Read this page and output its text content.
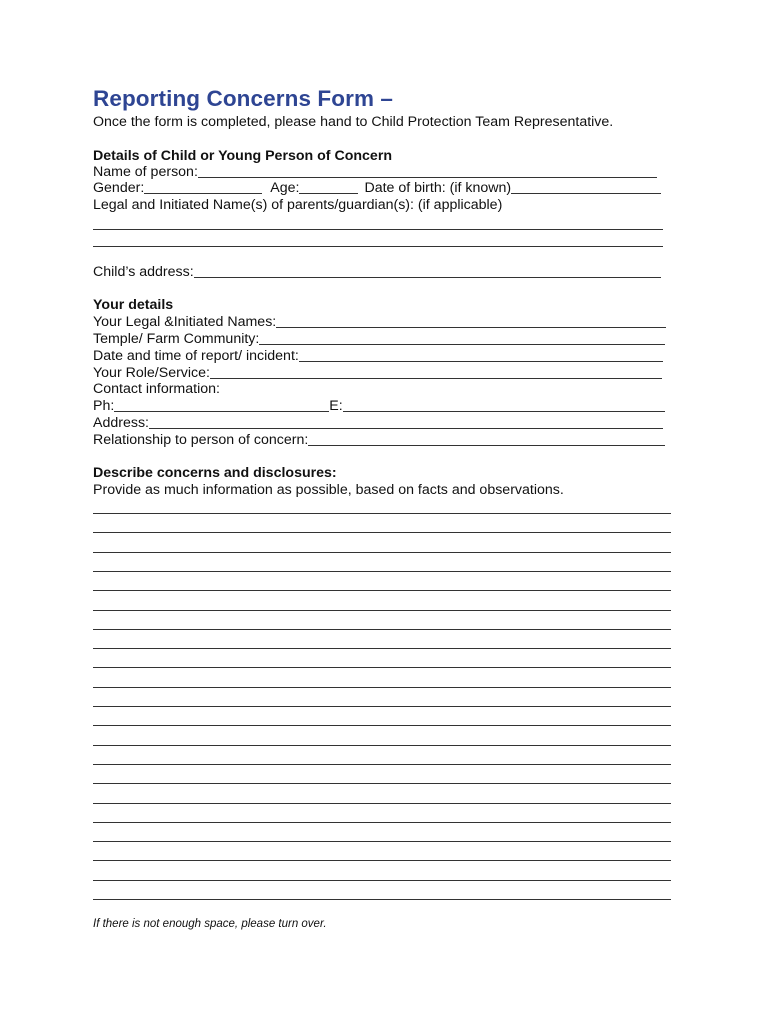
Reporting Concerns Form –
Once the form is completed, please hand to Child Protection Team Representative.
Details of Child or Young Person of Concern
Name of person:
Gender:	Age:	Date of birth: (if known)
Legal and Initiated Name(s) of parents/guardian(s): (if applicable)
Child’s address:
Your details
Your Legal &Initiated Names:
Temple/ Farm Community:
Date and time of report/ incident:
Your Role/Service:
Contact information:
Ph:	E:
Address:
Relationship to person of concern:
Describe concerns and disclosures:
Provide as much information as possible, based on facts and observations.
If there is not enough space, please turn over.
